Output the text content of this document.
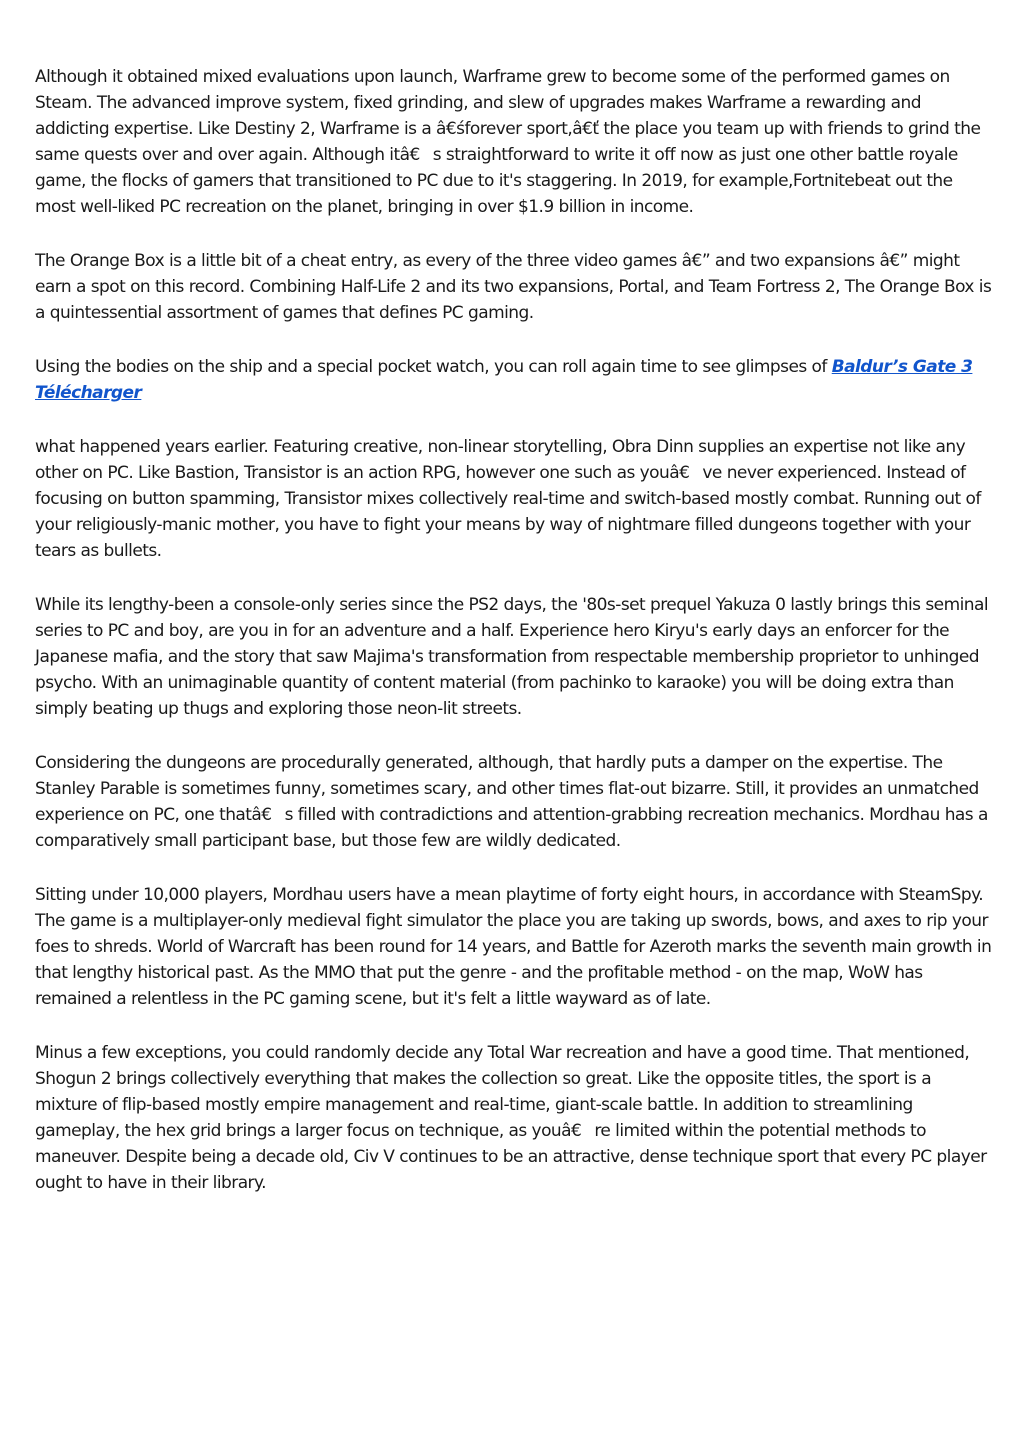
Although it obtained mixed evaluations upon launch, Warframe grew to become some of the performed games on Steam. The advanced improve system, fixed grinding, and slew of upgrades makes Warframe a rewarding and addicting expertise. Like Destiny 2, Warframe is a â€śforever sport,â€ť the place you team up with friends to grind the same quests over and over again. Although itâ€s straightforward to write it off now as just one other battle royale game, the flocks of gamers that transitioned to PC due to it's staggering. In 2019, for example,Fortnitebeat out the most well-liked PC recreation on the planet, bringing in over $1.9 billion in income.

The Orange Box is a little bit of a cheat entry, as every of the three video games â€” and two expansions â€” might earn a spot on this record. Combining Half-Life 2 and its two expansions, Portal, and Team Fortress 2, The Orange Box is a quintessential assortment of games that defines PC gaming.

Using the bodies on the ship and a special pocket watch, you can roll again time to see glimpses of Baldur’s Gate 3 Télécharger

what happened years earlier. Featuring creative, non-linear storytelling, Obra Dinn supplies an expertise not like any other on PC. Like Bastion, Transistor is an action RPG, however one such as youâ€ve never experienced. Instead of focusing on button spamming, Transistor mixes collectively real-time and switch-based mostly combat. Running out of your religiously-manic mother, you have to fight your means by way of nightmare filled dungeons together with your tears as bullets.

While its lengthy-been a console-only series since the PS2 days, the '80s-set prequel Yakuza 0 lastly brings this seminal series to PC and boy, are you in for an adventure and a half. Experience hero Kiryu's early days an enforcer for the Japanese mafia, and the story that saw Majima's transformation from respectable membership proprietor to unhinged psycho. With an unimaginable quantity of content material (from pachinko to karaoke) you will be doing extra than simply beating up thugs and exploring those neon-lit streets.

Considering the dungeons are procedurally generated, although, that hardly puts a damper on the expertise. The Stanley Parable is sometimes funny, sometimes scary, and other times flat-out bizarre. Still, it provides an unmatched experience on PC, one thatâ€s filled with contradictions and attention-grabbing recreation mechanics. Mordhau has a comparatively small participant base, but those few are wildly dedicated.

Sitting under 10,000 players, Mordhau users have a mean playtime of forty eight hours, in accordance with SteamSpy. The game is a multiplayer-only medieval fight simulator the place you are taking up swords, bows, and axes to rip your foes to shreds. World of Warcraft has been round for 14 years, and Battle for Azeroth marks the seventh main growth in that lengthy historical past. As the MMO that put the genre - and the profitable method - on the map, WoW has remained a relentless in the PC gaming scene, but it's felt a little wayward as of late.

Minus a few exceptions, you could randomly decide any Total War recreation and have a good time. That mentioned, Shogun 2 brings collectively everything that makes the collection so great. Like the opposite titles, the sport is a mixture of flip-based mostly empire management and real-time, giant-scale battle. In addition to streamlining gameplay, the hex grid brings a larger focus on technique, as youâ€re limited within the potential methods to maneuver. Despite being a decade old, Civ V continues to be an attractive, dense technique sport that every PC player ought to have in their library.
